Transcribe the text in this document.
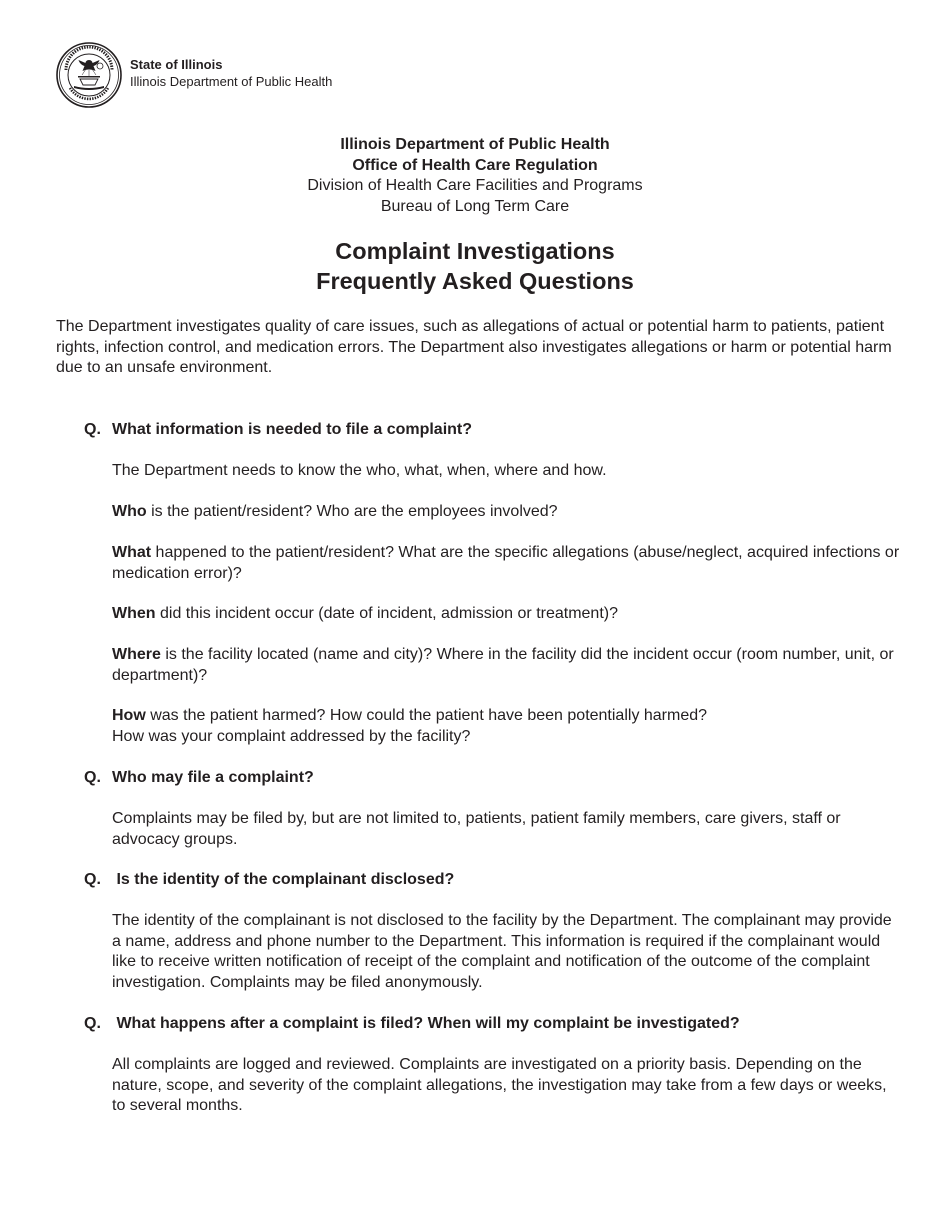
State of Illinois
Illinois Department of Public Health
Illinois Department of Public Health
Office of Health Care Regulation
Division of Health Care Facilities and Programs
Bureau of Long Term Care
Complaint Investigations
Frequently Asked Questions

The Department investigates quality of care issues, such as allegations of actual or potential harm to patients, patient rights, infection control, and medication errors. The Department also investigates allegations or harm or potential harm due to an unsafe environment.

Q. What information is needed to file a complaint?

The Department needs to know the who, what, when, where and how.

Who is the patient/resident? Who are the employees involved?

What happened to the patient/resident? What are the specific allegations (abuse/neglect, acquired infections or medication error)?

When did this incident occur (date of incident, admission or treatment)?

Where is the facility located (name and city)? Where in the facility did the incident occur (room number, unit, or department)?

How was the patient harmed? How could the patient have been potentially harmed?
How was your complaint addressed by the facility?

Q. Who may file a complaint?

Complaints may be filed by, but are not limited to, patients, patient family members, care givers, staff or advocacy groups.

Q. Is the identity of the complainant disclosed?

The identity of the complainant is not disclosed to the facility by the Department. The complainant may provide a name, address and phone number to the Department. This information is required if the complainant would like to receive written notification of receipt of the complaint and notification of the outcome of the complaint investigation. Complaints may be filed anonymously.

Q. What happens after a complaint is filed? When will my complaint be investigated?

All complaints are logged and reviewed. Complaints are investigated on a priority basis. Depending on the nature, scope, and severity of the complaint allegations, the investigation may take from a few days or weeks, to several months.
